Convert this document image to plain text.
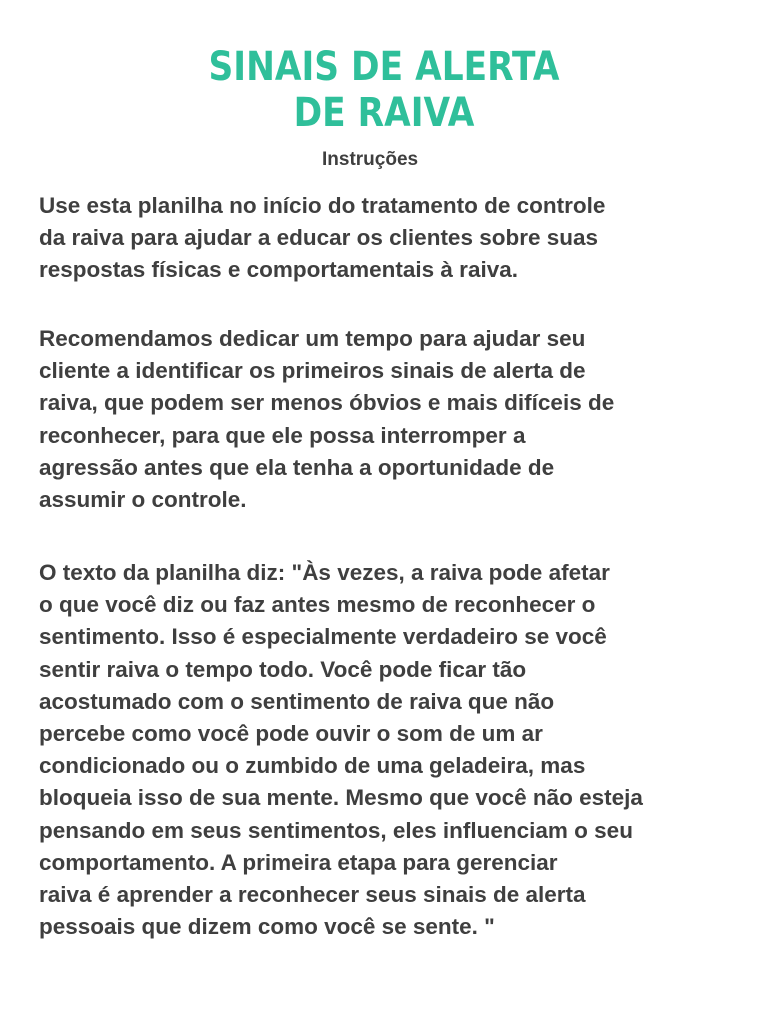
SINAIS DE ALERTA
DE RAIVA
Instruções
Use esta planilha no início do tratamento de controle
da raiva para ajudar a educar os clientes sobre suas
respostas físicas e comportamentais à raiva.
Recomendamos dedicar um tempo para ajudar seu
cliente a identificar os primeiros sinais de alerta de
raiva, que podem ser menos óbvios e mais difíceis de
reconhecer, para que ele possa interromper a
agressão antes que ela tenha a oportunidade de
assumir o controle.
O texto da planilha diz: "Às vezes, a raiva pode afetar
o que você diz ou faz antes mesmo de reconhecer o
sentimento. Isso é especialmente verdadeiro se você
sentir raiva o tempo todo. Você pode ficar tão
acostumado com o sentimento de raiva que não
percebe como você pode ouvir o som de um ar
condicionado ou o zumbido de uma geladeira, mas
bloqueia isso de sua mente. Mesmo que você não esteja
pensando em seus sentimentos, eles influenciam o seu
comportamento. A primeira etapa para gerenciar
raiva é aprender a reconhecer seus sinais de alerta
pessoais que dizem como você se sente. "
